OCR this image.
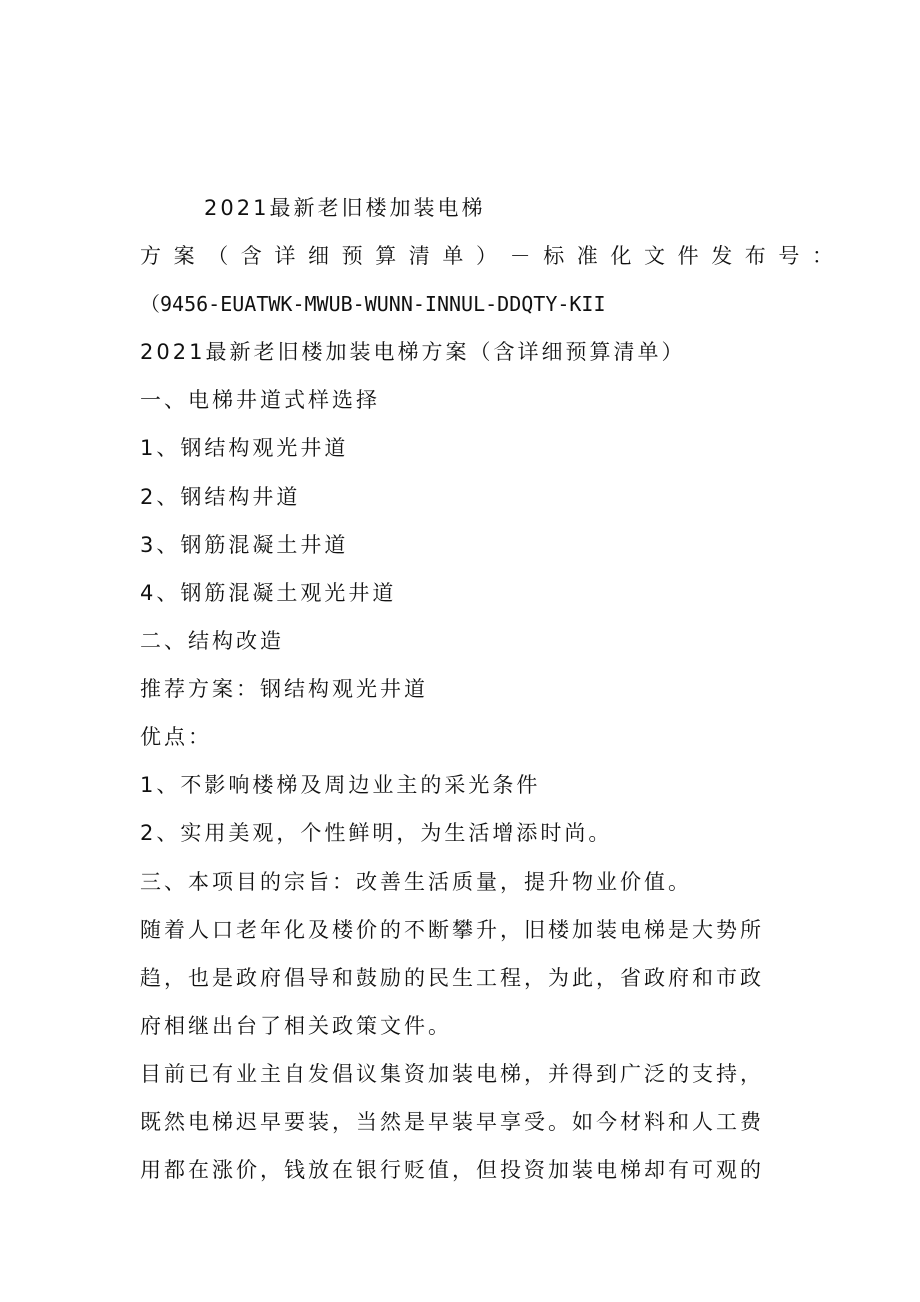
2021最新老旧楼加装电梯
方案（含详细预算清单）－标准化文件发布号：
（9456-EUATWK-MWUB-WUNN-INNUL-DDQTY-KII
2021最新老旧楼加装电梯方案（含详细预算清单）
一、电梯井道式样选择
1、钢结构观光井道
2、钢结构井道
3、钢筋混凝土井道
4、钢筋混凝土观光井道
二、结构改造
推荐方案：钢结构观光井道
优点：
1、不影响楼梯及周边业主的采光条件
2、实用美观，个性鲜明，为生活增添时尚。
三、本项目的宗旨：改善生活质量，提升物业价值。
随着人口老年化及楼价的不断攀升，旧楼加装电梯是大势所
趋，也是政府倡导和鼓励的民生工程，为此，省政府和市政
府相继出台了相关政策文件。
目前已有业主自发倡议集资加装电梯，并得到广泛的支持，
既然电梯迟早要装，当然是早装早享受。如今材料和人工费
用都在涨价，钱放在银行贬值，但投资加装电梯却有可观的
